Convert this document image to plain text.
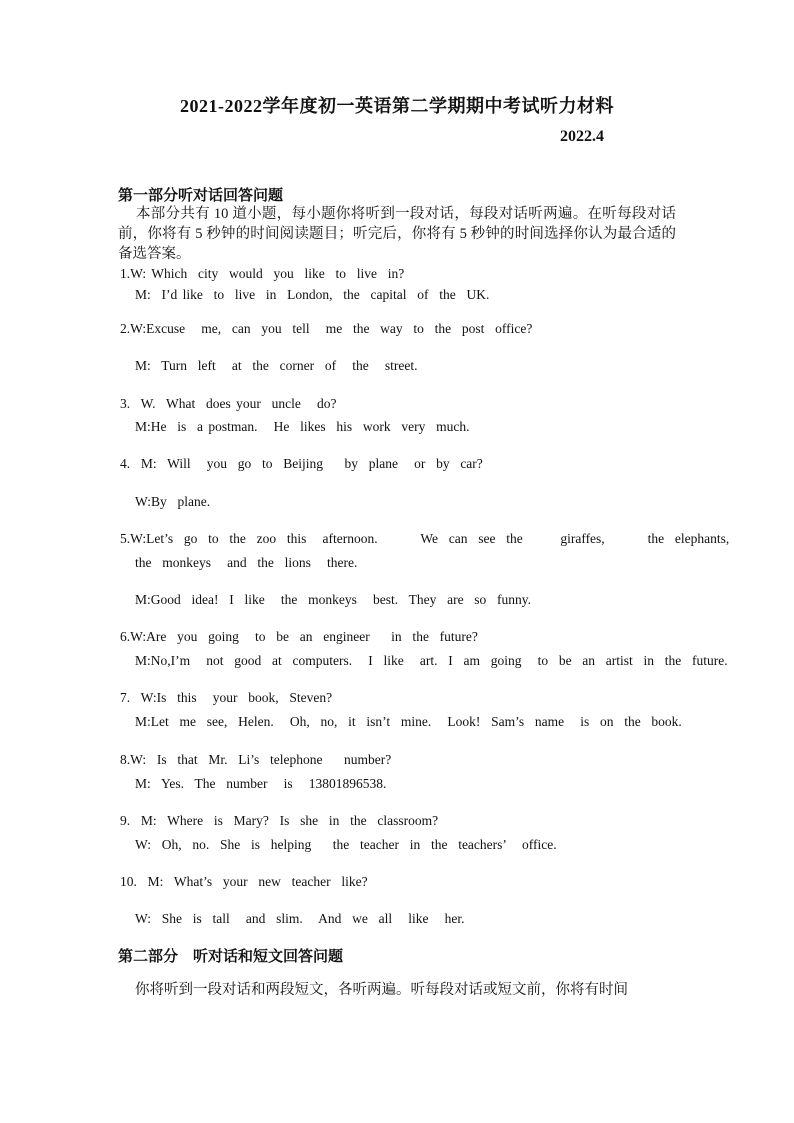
2021-2022学年度初一英语第二学期期中考试听力材料
2022.4
第一部分听对话回答问题
本部分共有 10 道小题，每小题你将听到一段对话，每段对话听两遍。在听每段对话前，你将有 5 秒钟的时间阅读题目；听完后，你将有 5 秒钟的时间选择你认为最合适的备选答案。
1.W: Which  city  would  you  like  to  live  in?
M:  I’d like  to  live  in  London,  the  capital  of  the  UK.
2.W:Excuse   me,  can  you  tell   me  the  way  to  the  post  office?
M:  Turn  left   at  the  corner  of   the   street.
3.  W.  What  does your  uncle   do?
M:He  is  a postman.   He  likes  his  work  very  much.
4.  M:  Will   you  go  to  Beijing    by  plane   or  by  car?
W:By  plane.
5.W:Let’s  go  to  the  zoo  this   afternoon.        We  can  see  the       giraffes,        the  elephants,
the  monkeys   and  the  lions   there.
M:Good  idea!  I  like   the  monkeys   best.  They  are  so  funny.
6.W:Are  you  going   to  be  an  engineer    in  the  future?
M:No,I’m   not  good  at  computers.   I  like   art.  I  am  going   to  be  an  artist  in  the  future.
7.  W:Is  this   your  book,  Steven?
M:Let  me  see,  Helen.   Oh,  no,  it  isn’t  mine.   Look!  Sam’s  name   is  on  the  book.
8.W:  Is  that  Mr.  Li’s  telephone    number?
M:  Yes.  The  number   is   13801896538.
9.  M:  Where  is  Mary?  Is  she  in  the  classroom?
W:  Oh,  no.  She  is  helping    the  teacher  in  the  teachers’   office.
10.  M:  What’s  your  new  teacher  like?
W:  She  is  tall   and  slim.   And  we  all   like   her.
第二部分    听对话和短文回答问题
你将听到一段对话和两段短文，各听两遍。听每段对话或短文前，你将有时间
